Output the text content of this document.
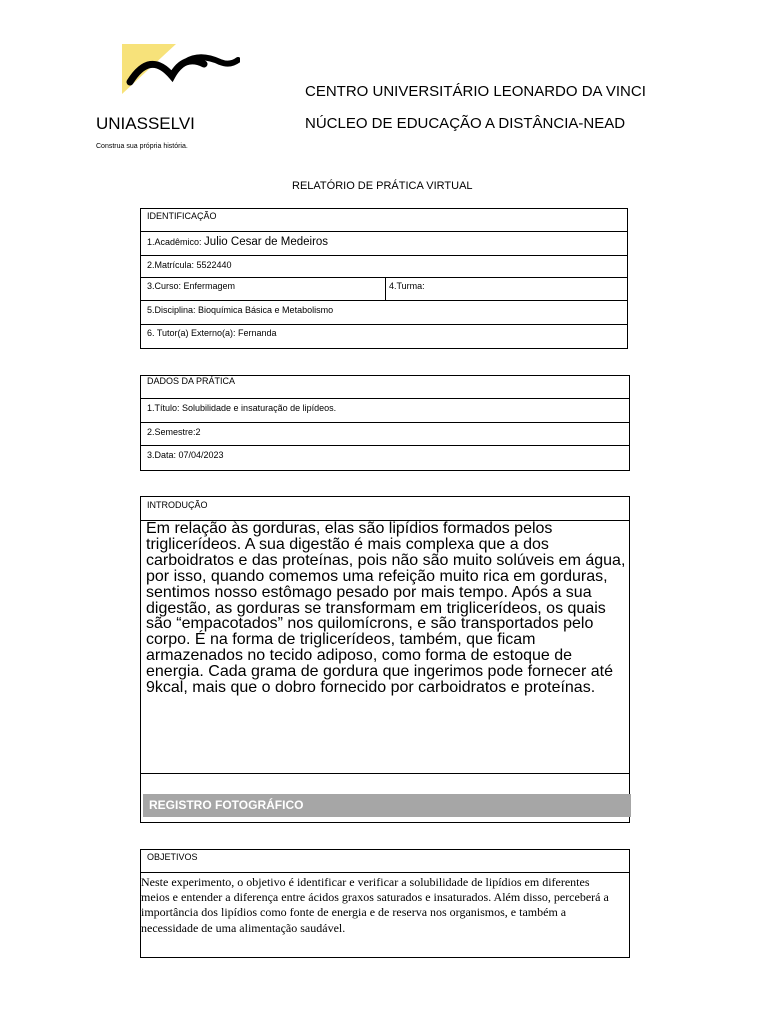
UNIASSELVI
Construa sua própria história.
CENTRO UNIVERSITÁRIO LEONARDO DA VINCI
NÚCLEO DE EDUCAÇÃO A DISTÂNCIA-NEAD
RELATÓRIO DE PRÁTICA VIRTUAL
IDENTIFICAÇÃO
1.Acadêmico: Julio Cesar de Medeiros
2.Matrícula: 5522440
3.Curso: Enfermagem	4.Turma:
5.Disciplina: Bioquímica Básica e Metabolismo
6. Tutor(a) Externo(a): Fernanda
DADOS DA PRÁTICA
1.Título: Solubilidade e insaturação de lipídeos.
2.Semestre:2
3.Data: 07/04/2023
INTRODUÇÃO
Em relação às gorduras, elas são lipídios formados pelos triglicerídeos. A sua digestão é mais complexa que a dos carboidratos e das proteínas, pois não são muito solúveis em água, por isso, quando comemos uma refeição muito rica em gorduras, sentimos nosso estômago pesado por mais tempo. Após a sua digestão, as gorduras se transformam em triglicerídeos, os quais são “empacotados” nos quilomícrons, e são transportados pelo corpo. É na forma de triglicerídeos, também, que ficam armazenados no tecido adiposo, como forma de estoque de energia. Cada grama de gordura que ingerimos pode fornecer até 9kcal, mais que o dobro fornecido por carboidratos e proteínas.
REGISTRO FOTOGRÁFICO
OBJETIVOS
Neste experimento, o objetivo é identificar e verificar a solubilidade de lipídios em diferentes meios e entender a diferença entre ácidos graxos saturados e insaturados. Além disso, perceberá a importância dos lipídios como fonte de energia e de reserva nos organismos, e também a necessidade de uma alimentação saudável.
